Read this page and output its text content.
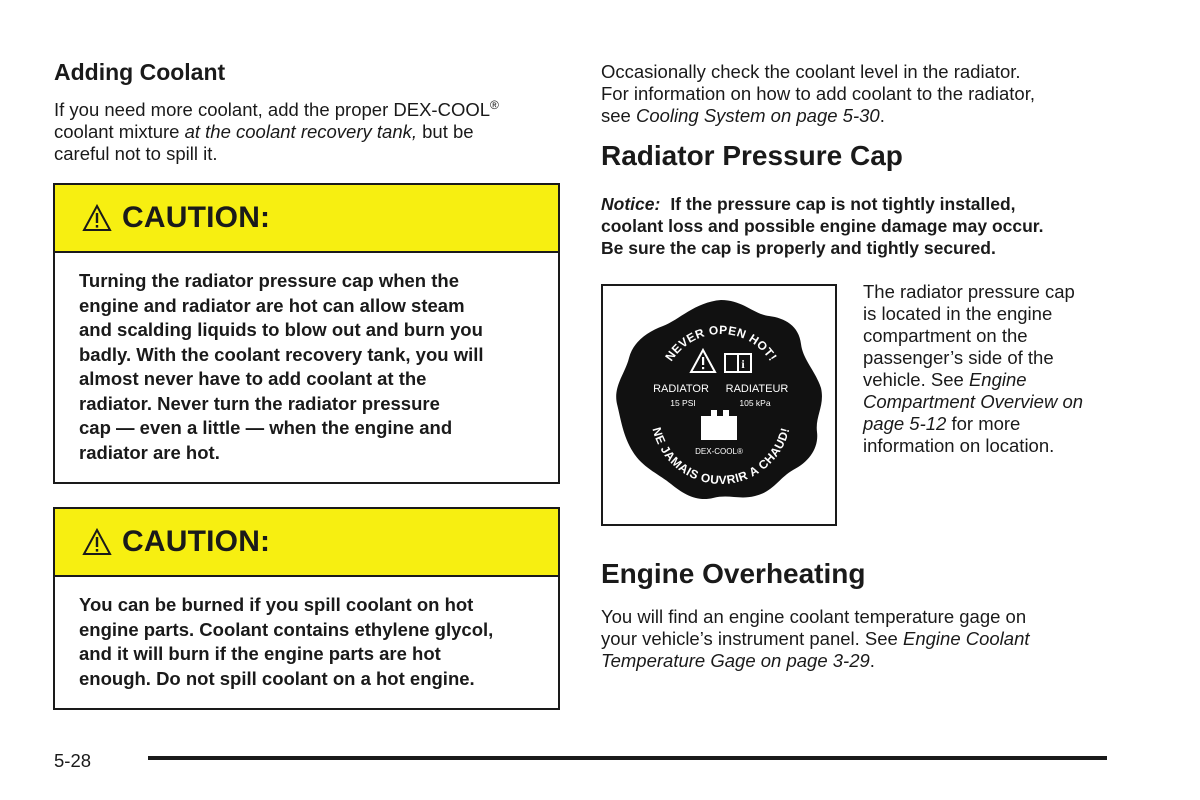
Adding Coolant
If you need more coolant, add the proper DEX-COOL®
coolant mixture at the coolant recovery tank, but be
careful not to spill it.
CAUTION:
Turning the radiator pressure cap when the
engine and radiator are hot can allow steam
and scalding liquids to blow out and burn you
badly. With the coolant recovery tank, you will
almost never have to add coolant at the
radiator. Never turn the radiator pressure
cap — even a little — when the engine and
radiator are hot.
CAUTION:
You can be burned if you spill coolant on hot
engine parts. Coolant contains ethylene glycol,
and it will burn if the engine parts are hot
enough. Do not spill coolant on a hot engine.
Occasionally check the coolant level in the radiator.
For information on how to add coolant to the radiator,
see Cooling System on page 5-30.
Radiator Pressure Cap
Notice: If the pressure cap is not tightly installed,
coolant loss and possible engine damage may occur.
Be sure the cap is properly and tightly secured.
NEVER OPEN HOT!
NE JAMAIS OUVRIR A CHAUD!
i
RADIATOR RADIATEUR
15 PSI	105 kPa
DEX-COOL®
The radiator pressure cap
is located in the engine
compartment on the
passenger’s side of the
vehicle. See Engine
Compartment Overview on
page 5-12 for more
information on location.
Engine Overheating
You will find an engine coolant temperature gage on
your vehicle’s instrument panel. See Engine Coolant
Temperature Gage on page 3-29.
5-28
